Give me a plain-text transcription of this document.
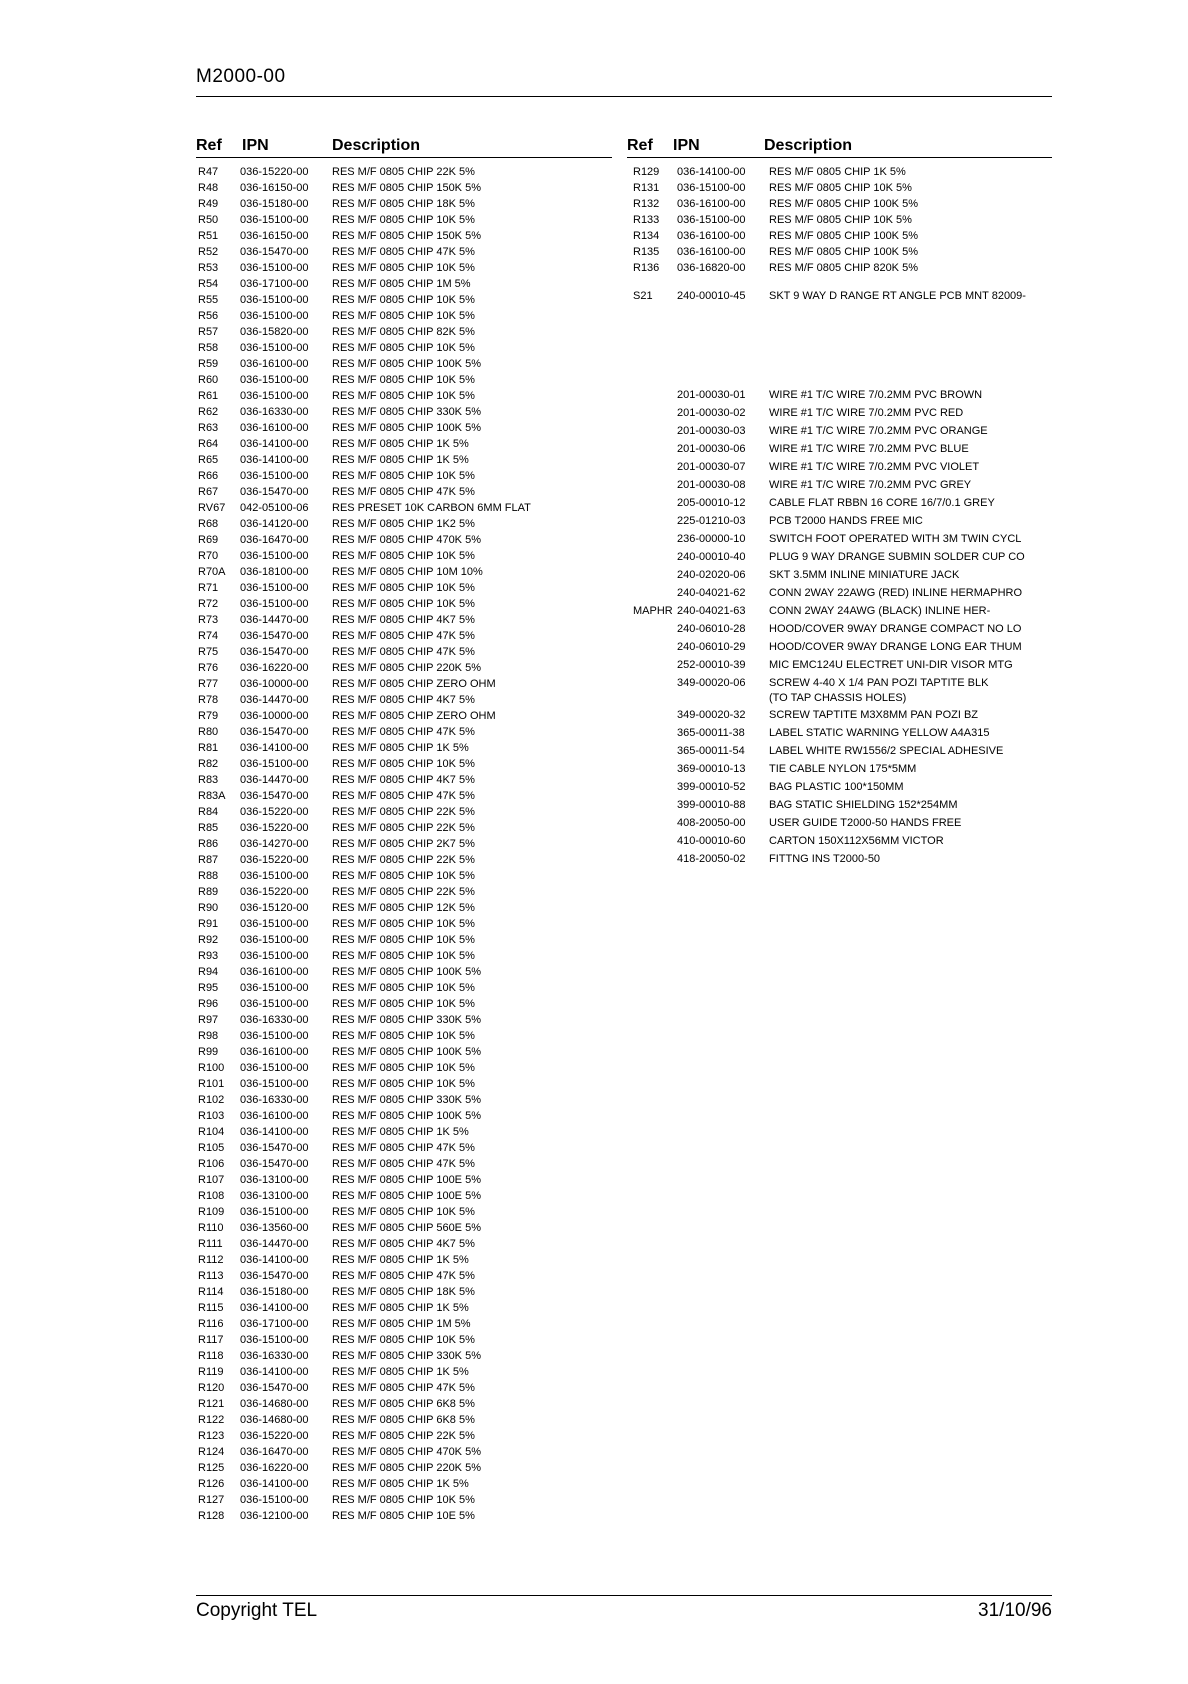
M2000-00
Ref IPN	Description
R47 036-15220-00 RES M/F 0805 CHIP 22K 5%
R48 036-16150-00 RES M/F 0805 CHIP 150K 5%
R49 036-15180-00 RES M/F 0805 CHIP 18K 5%
R50 036-15100-00 RES M/F 0805 CHIP 10K 5%
R51 036-16150-00 RES M/F 0805 CHIP 150K 5%
R52 036-15470-00 RES M/F 0805 CHIP 47K 5%
R53 036-15100-00 RES M/F 0805 CHIP 10K 5%
R54 036-17100-00 RES M/F 0805 CHIP 1M 5%
R55 036-15100-00 RES M/F 0805 CHIP 10K 5%
R56 036-15100-00 RES M/F 0805 CHIP 10K 5%
R57 036-15820-00 RES M/F 0805 CHIP 82K 5%
R58 036-15100-00 RES M/F 0805 CHIP 10K 5%
R59 036-16100-00 RES M/F 0805 CHIP 100K 5%
R60 036-15100-00 RES M/F 0805 CHIP 10K 5%
R61 036-15100-00 RES M/F 0805 CHIP 10K 5%
R62 036-16330-00 RES M/F 0805 CHIP 330K 5%
R63 036-16100-00 RES M/F 0805 CHIP 100K 5%
R64 036-14100-00 RES M/F 0805 CHIP 1K 5%
R65 036-14100-00 RES M/F 0805 CHIP 1K 5%
R66 036-15100-00 RES M/F 0805 CHIP 10K 5%
R67 036-15470-00 RES M/F 0805 CHIP 47K 5%
RV67 042-05100-06 RES PRESET 10K CARBON 6MM FLAT
R68 036-14120-00 RES M/F 0805 CHIP 1K2 5%
R69 036-16470-00 RES M/F 0805 CHIP 470K 5%
R70 036-15100-00 RES M/F 0805 CHIP 10K 5%
R70A 036-18100-00 RES M/F 0805 CHIP 10M 10%
R71 036-15100-00 RES M/F 0805 CHIP 10K 5%
R72 036-15100-00 RES M/F 0805 CHIP 10K 5%
R73 036-14470-00 RES M/F 0805 CHIP 4K7 5%
R74 036-15470-00 RES M/F 0805 CHIP 47K 5%
R75 036-15470-00 RES M/F 0805 CHIP 47K 5%
R76 036-16220-00 RES M/F 0805 CHIP 220K 5%
R77 036-10000-00 RES M/F 0805 CHIP ZERO OHM
R78 036-14470-00 RES M/F 0805 CHIP 4K7 5%
R79 036-10000-00 RES M/F 0805 CHIP ZERO OHM
R80 036-15470-00 RES M/F 0805 CHIP 47K 5%
R81 036-14100-00 RES M/F 0805 CHIP 1K 5%
R82 036-15100-00 RES M/F 0805 CHIP 10K 5%
R83 036-14470-00 RES M/F 0805 CHIP 4K7 5%
R83A 036-15470-00 RES M/F 0805 CHIP 47K 5%
R84 036-15220-00 RES M/F 0805 CHIP 22K 5%
R85 036-15220-00 RES M/F 0805 CHIP 22K 5%
R86 036-14270-00 RES M/F 0805 CHIP 2K7 5%
R87 036-15220-00 RES M/F 0805 CHIP 22K 5%
R88 036-15100-00 RES M/F 0805 CHIP 10K 5%
R89 036-15220-00 RES M/F 0805 CHIP 22K 5%
R90 036-15120-00 RES M/F 0805 CHIP 12K 5%
R91 036-15100-00 RES M/F 0805 CHIP 10K 5%
R92 036-15100-00 RES M/F 0805 CHIP 10K 5%
R93 036-15100-00 RES M/F 0805 CHIP 10K 5%
R94 036-16100-00 RES M/F 0805 CHIP 100K 5%
R95 036-15100-00 RES M/F 0805 CHIP 10K 5%
R96 036-15100-00 RES M/F 0805 CHIP 10K 5%
R97 036-16330-00 RES M/F 0805 CHIP 330K 5%
R98 036-15100-00 RES M/F 0805 CHIP 10K 5%
R99 036-16100-00 RES M/F 0805 CHIP 100K 5%
R100 036-15100-00 RES M/F 0805 CHIP 10K 5%
R101 036-15100-00 RES M/F 0805 CHIP 10K 5%
R102 036-16330-00 RES M/F 0805 CHIP 330K 5%
R103 036-16100-00 RES M/F 0805 CHIP 100K 5%
R104 036-14100-00 RES M/F 0805 CHIP 1K 5%
R105 036-15470-00 RES M/F 0805 CHIP 47K 5%
R106 036-15470-00 RES M/F 0805 CHIP 47K 5%
R107 036-13100-00 RES M/F 0805 CHIP 100E 5%
R108 036-13100-00 RES M/F 0805 CHIP 100E 5%
R109 036-15100-00 RES M/F 0805 CHIP 10K 5%
R110 036-13560-00 RES M/F 0805 CHIP 560E 5%
R111 036-14470-00 RES M/F 0805 CHIP 4K7 5%
R112 036-14100-00 RES M/F 0805 CHIP 1K 5%
R113 036-15470-00 RES M/F 0805 CHIP 47K 5%
R114 036-15180-00 RES M/F 0805 CHIP 18K 5%
R115 036-14100-00 RES M/F 0805 CHIP 1K 5%
R116 036-17100-00 RES M/F 0805 CHIP 1M 5%
R117 036-15100-00 RES M/F 0805 CHIP 10K 5%
R118 036-16330-00 RES M/F 0805 CHIP 330K 5%
R119 036-14100-00 RES M/F 0805 CHIP 1K 5%
R120 036-15470-00 RES M/F 0805 CHIP 47K 5%
R121 036-14680-00 RES M/F 0805 CHIP 6K8 5%
R122 036-14680-00 RES M/F 0805 CHIP 6K8 5%
R123 036-15220-00 RES M/F 0805 CHIP 22K 5%
R124 036-16470-00 RES M/F 0805 CHIP 470K 5%
R125 036-16220-00 RES M/F 0805 CHIP 220K 5%
R126 036-14100-00 RES M/F 0805 CHIP 1K 5%
R127 036-15100-00 RES M/F 0805 CHIP 10K 5%
R128 036-12100-00 RES M/F 0805 CHIP 10E 5%
Ref IPN	Description
R129 036-14100-00 RES M/F 0805 CHIP 1K 5%
R131 036-15100-00 RES M/F 0805 CHIP 10K 5%
R132 036-16100-00 RES M/F 0805 CHIP 100K 5%
R133 036-15100-00 RES M/F 0805 CHIP 10K 5%
R134 036-16100-00 RES M/F 0805 CHIP 100K 5%
R135 036-16100-00 RES M/F 0805 CHIP 100K 5%
R136 036-16820-00 RES M/F 0805 CHIP 820K 5%
S21 240-00010-45 SKT 9 WAY D RANGE RT ANGLE PCB MNT 82009-
201-00030-01 WIRE #1 T/C WIRE 7/0.2MM PVC BROWN
201-00030-02 WIRE #1 T/C WIRE 7/0.2MM PVC RED
201-00030-03 WIRE #1 T/C WIRE 7/0.2MM PVC ORANGE
201-00030-06 WIRE #1 T/C WIRE 7/0.2MM PVC BLUE
201-00030-07 WIRE #1 T/C WIRE 7/0.2MM PVC VIOLET
201-00030-08 WIRE #1 T/C WIRE 7/0.2MM PVC GREY
205-00010-12 CABLE FLAT RBBN 16 CORE 16/7/0.1 GREY
225-01210-03 PCB T2000 HANDS FREE MIC
236-00000-10 SWITCH FOOT OPERATED WITH 3M TWIN CYCL
240-00010-40 PLUG 9 WAY DRANGE SUBMIN SOLDER CUP CO
240-02020-06 SKT 3.5MM INLINE MINIATURE JACK
240-04021-62 CONN 2WAY 22AWG (RED) INLINE HERMAPHRO
MAPHR 240-04021-63 CONN 2WAY 24AWG (BLACK) INLINE HER-
240-06010-28 HOOD/COVER 9WAY DRANGE COMPACT NO LO
240-06010-29 HOOD/COVER 9WAY DRANGE LONG EAR THUM
252-00010-39 MIC EMC124U ELECTRET UNI-DIR VISOR MTG
349-00020-06 SCREW 4-40 X 1/4 PAN POZI TAPTITE BLK
(TO TAP CHASSIS HOLES)
349-00020-32 SCREW TAPTITE M3X8MM PAN POZI BZ
365-00011-38 LABEL STATIC WARNING YELLOW A4A315
365-00011-54 LABEL WHITE RW1556/2 SPECIAL ADHESIVE
369-00010-13 TIE CABLE NYLON 175*5MM
399-00010-52 BAG PLASTIC 100*150MM
399-00010-88 BAG STATIC SHIELDING 152*254MM
408-20050-00 USER GUIDE T2000-50 HANDS FREE
410-00010-60 CARTON 150X112X56MM VICTOR
418-20050-02 FITTNG INS T2000-50
Copyright TEL	31/10/96
